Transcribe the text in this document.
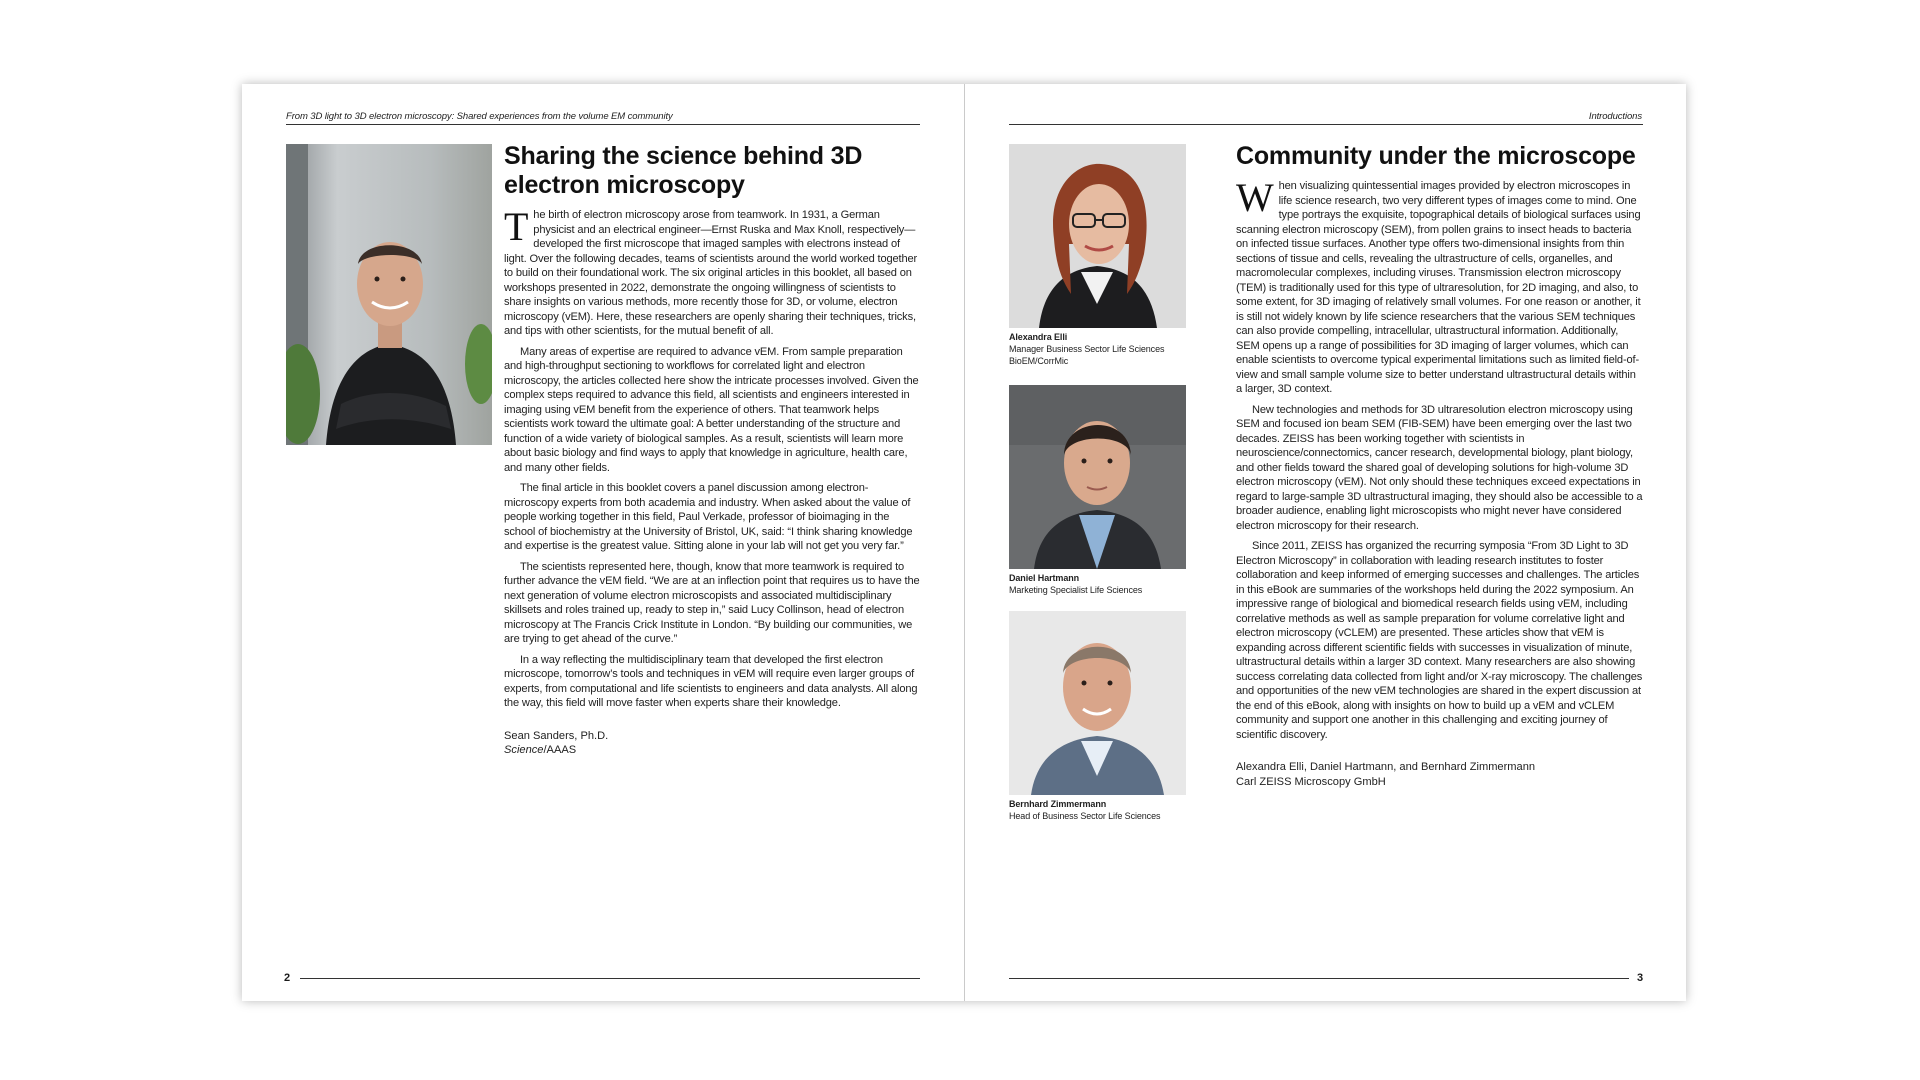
From 3D light to 3D electron microscopy: Shared experiences from the volume EM community
Sharing the science behind 3D electron microscopy

The birth of electron microscopy arose from teamwork. In 1931, a German physicist and an electrical engineer—Ernst Ruska and Max Knoll, respectively—developed the first microscope that imaged samples with electrons instead of light. Over the following decades, teams of scientists around the world worked together to build on their foundational work. The six original articles in this booklet, all based on workshops presented in 2022, demonstrate the ongoing willingness of scientists to share insights on various methods, more recently those for 3D, or volume, electron microscopy (vEM). Here, these researchers are openly sharing their techniques, tricks, and tips with other scientists, for the mutual benefit of all.

Many areas of expertise are required to advance vEM. From sample preparation and high-throughput sectioning to workflows for correlated light and electron microscopy, the articles collected here show the intricate processes involved. Given the complex steps required to advance this field, all scientists and engineers interested in imaging using vEM benefit from the experience of others. That teamwork helps scientists work toward the ultimate goal: A better understanding of the structure and function of a wide variety of biological samples. As a result, scientists will learn more about basic biology and find ways to apply that knowledge in agriculture, health care, and many other fields.

The final article in this booklet covers a panel discussion among electron-microscopy experts from both academia and industry. When asked about the value of people working together in this field, Paul Verkade, professor of bioimaging in the school of biochemistry at the University of Bristol, UK, said: “I think sharing knowledge and expertise is the greatest value. Sitting alone in your lab will not get you very far.”

The scientists represented here, though, know that more teamwork is required to further advance the vEM field. “We are at an inflection point that requires us to have the next generation of volume electron microscopists and associated multidisciplinary skillsets and roles trained up, ready to step in,” said Lucy Collinson, head of electron microscopy at The Francis Crick Institute in London. “By building our communities, we are trying to get ahead of the curve.”

In a way reflecting the multidisciplinary team that developed the first electron microscope, tomorrow’s tools and techniques in vEM will require even larger groups of experts, from computational and life scientists to engineers and data analysts. All along the way, this field will move faster when experts share their knowledge.

Sean Sanders, Ph.D.
Science/AAAS
2
Introductions
Alexandra Elli
Manager Business Sector Life Sciences
BioEM/CorrMic
Daniel Hartmann
Marketing Specialist Life Sciences
Bernhard Zimmermann
Head of Business Sector Life Sciences
Community under the microscope

When visualizing quintessential images provided by electron microscopes in life science research, two very different types of images come to mind. One type portrays the exquisite, topographical details of biological surfaces using scanning electron microscopy (SEM), from pollen grains to insect heads to bacteria on infected tissue surfaces. Another type offers two-dimensional insights from thin sections of tissue and cells, revealing the ultrastructure of cells, organelles, and macromolecular complexes, including viruses. Transmission electron microscopy (TEM) is traditionally used for this type of ultraresolution, for 2D imaging, and also, to some extent, for 3D imaging of relatively small volumes. For one reason or another, it is still not widely known by life science researchers that the various SEM techniques can also provide compelling, intracellular, ultrastructural information. Additionally, SEM opens up a range of possibilities for 3D imaging of larger volumes, which can enable scientists to overcome typical experimental limitations such as limited field-of-view and small sample volume size to better understand ultrastructural details within a larger, 3D context.

New technologies and methods for 3D ultraresolution electron microscopy using SEM and focused ion beam SEM (FIB-SEM) have been emerging over the last two decades. ZEISS has been working together with scientists in neuroscience/connectomics, cancer research, developmental biology, plant biology, and other fields toward the shared goal of developing solutions for high-volume 3D electron microscopy (vEM). Not only should these techniques exceed expectations in regard to large-sample 3D ultrastructural imaging, they should also be accessible to a broader audience, enabling light microscopists who might never have considered electron microscopy for their research.

Since 2011, ZEISS has organized the recurring symposia “From 3D Light to 3D Electron Microscopy” in collaboration with leading research institutes to foster collaboration and keep informed of emerging successes and challenges. The articles in this eBook are summaries of the workshops held during the 2022 symposium. An impressive range of biological and biomedical research fields using vEM, including correlative methods as well as sample preparation for volume correlative light and electron microscopy (vCLEM) are presented. These articles show that vEM is expanding across different scientific fields with successes in visualization of minute, ultrastructural details within a larger 3D context. Many researchers are also showing success correlating data collected from light and/or X-ray microscopy. The challenges and opportunities of the new vEM technologies are shared in the expert discussion at the end of this eBook, along with insights on how to build up a vEM and vCLEM community and support one another in this challenging and exciting journey of scientific discovery.

Alexandra Elli, Daniel Hartmann, and Bernhard Zimmermann
Carl ZEISS Microscopy GmbH
3
